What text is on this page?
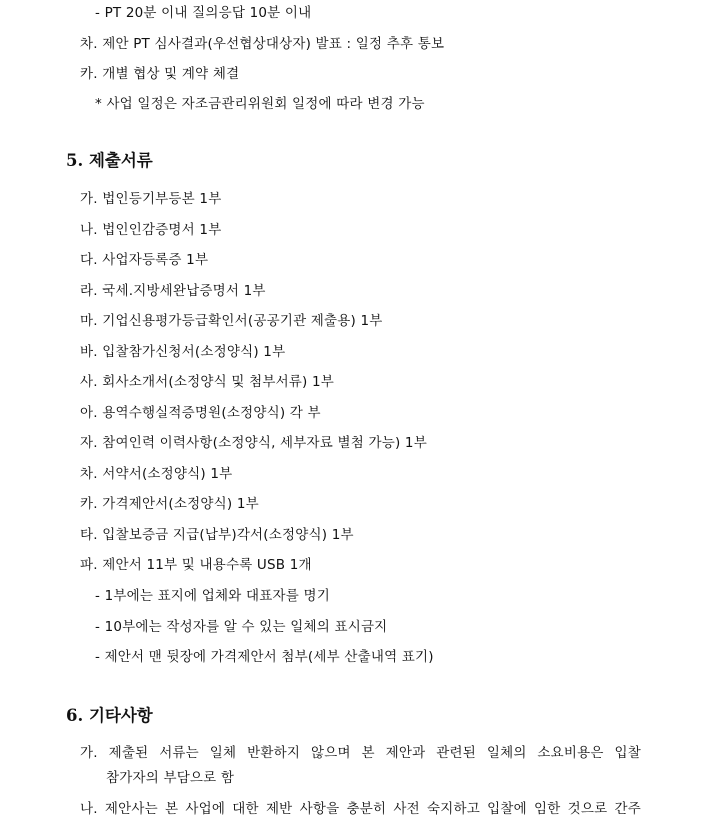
- PT 20분 이내 질의응답 10분 이내
차. 제안 PT 심사결과(우선협상대상자) 발표 : 일정 추후 통보
카. 개별 협상 및 계약 체결
* 사업 일정은 자조금관리위원회 일정에 따라 변경 가능
5. 제출서류
가. 법인등기부등본 1부
나. 법인인감증명서 1부
다. 사업자등록증 1부
라. 국세.지방세완납증명서 1부
마. 기업신용평가등급확인서(공공기관 제출용) 1부
바. 입찰참가신청서(소정양식) 1부
사. 회사소개서(소정양식 및 첨부서류) 1부
아. 용역수행실적증명원(소정양식) 각 부
자. 참여인력 이력사항(소정양식, 세부자료 별첨 가능) 1부
차. 서약서(소정양식) 1부
카. 가격제안서(소정양식) 1부
타. 입찰보증금 지급(납부)각서(소정양식) 1부
파. 제안서 11부 및 내용수록 USB 1개
- 1부에는 표지에 업체와 대표자를 명기
- 10부에는 작성자를 알 수 있는 일체의 표시금지
- 제안서 맨 뒷장에 가격제안서 첨부(세부 산출내역 표기)
6. 기타사항
가. 제출된 서류는 일체 반환하지 않으며 본 제안과 관련된 일체의 소요비용은 입찰
참가자의 부담으로 함
나. 제안사는 본 사업에 대한 제반 사항을 충분히 사전 숙지하고 입찰에 임한 것으로 간주
